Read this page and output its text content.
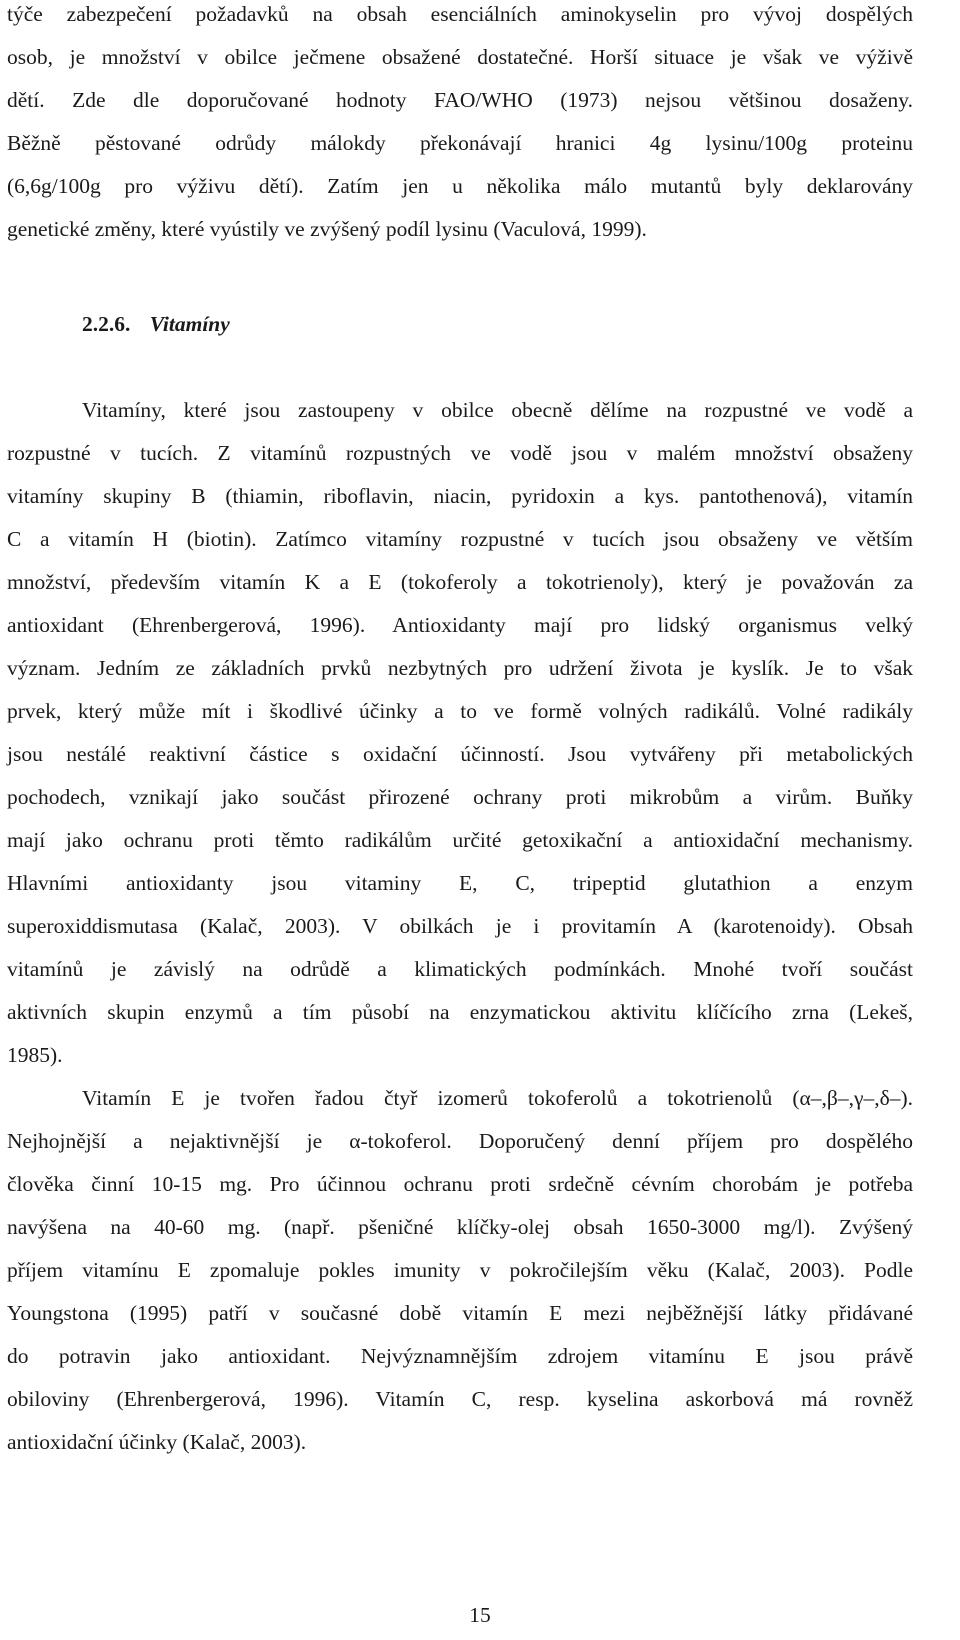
týče zabezpečení požadavků na obsah esenciálních aminokyselin pro vývoj dospělých
osob, je množství v obilce ječmene obsažené dostatečné. Horší situace je však ve výživě
dětí. Zde dle doporučované hodnoty FAO/WHO (1973) nejsou většinou dosaženy.
Běžně pěstované odrůdy málokdy překonávají hranici 4g lysinu/100g proteinu
(6,6g/100g pro výživu dětí). Zatím jen u několika málo mutantů byly deklarovány
genetické změny, které vyústily ve zvýšený podíl lysinu (Vaculová, 1999).
2.2.6. Vitamíny
Vitamíny, které jsou zastoupeny v obilce obecně dělíme na rozpustné ve vodě a
rozpustné v tucích. Z vitamínů rozpustných ve vodě jsou v malém množství obsaženy
vitamíny skupiny B (thiamin, riboflavin, niacin, pyridoxin a kys. pantothenová), vitamín
C a vitamín H (biotin). Zatímco vitamíny rozpustné v tucích jsou obsaženy ve větším
množství, především vitamín K a E (tokoferoly a tokotrienoly), který je považován za
antioxidant (Ehrenbergerová, 1996). Antioxidanty mají pro lidský organismus velký
význam. Jedním ze základních prvků nezbytných pro udržení života je kyslík. Je to však
prvek, který může mít i škodlivé účinky a to ve formě volných radikálů. Volné radikály
jsou nestálé reaktivní částice s oxidační účinností. Jsou vytvářeny při metabolických
pochodech, vznikají jako součást přirozené ochrany proti mikrobům a virům. Buňky
mají jako ochranu proti těmto radikálům určité getoxikační a antioxidační mechanismy.
Hlavními antioxidanty jsou vitaminy E, C, tripeptid glutathion a enzym
superoxiddismutasa (Kalač, 2003). V obilkách je i provitamín A (karotenoidy). Obsah
vitamínů je závislý na odrůdě a klimatických podmínkách. Mnohé tvoří součást
aktivních skupin enzymů a tím působí na enzymatickou aktivitu klíčícího zrna (Lekeš,
1985).
Vitamín E je tvořen řadou čtyř izomerů tokoferolů a tokotrienolů (α–,β–,γ–,δ–).
Nejhojnější a nejaktivnější je α-tokoferol. Doporučený denní příjem pro dospělého
člověka činní 10-15 mg. Pro účinnou ochranu proti srdečně cévním chorobám je potřeba
navýšena na 40-60 mg. (např. pšeničné klíčky-olej obsah 1650-3000 mg/l). Zvýšený
příjem vitamínu E zpomaluje pokles imunity v pokročilejším věku (Kalač, 2003). Podle
Youngstona (1995) patří v současné době vitamín E mezi nejběžnější látky přidávané
do potravin jako antioxidant. Nejvýznamnějším zdrojem vitamínu E jsou právě
obiloviny (Ehrenbergerová, 1996). Vitamín C, resp. kyselina askorbová má rovněž
antioxidační účinky (Kalač, 2003).
15
